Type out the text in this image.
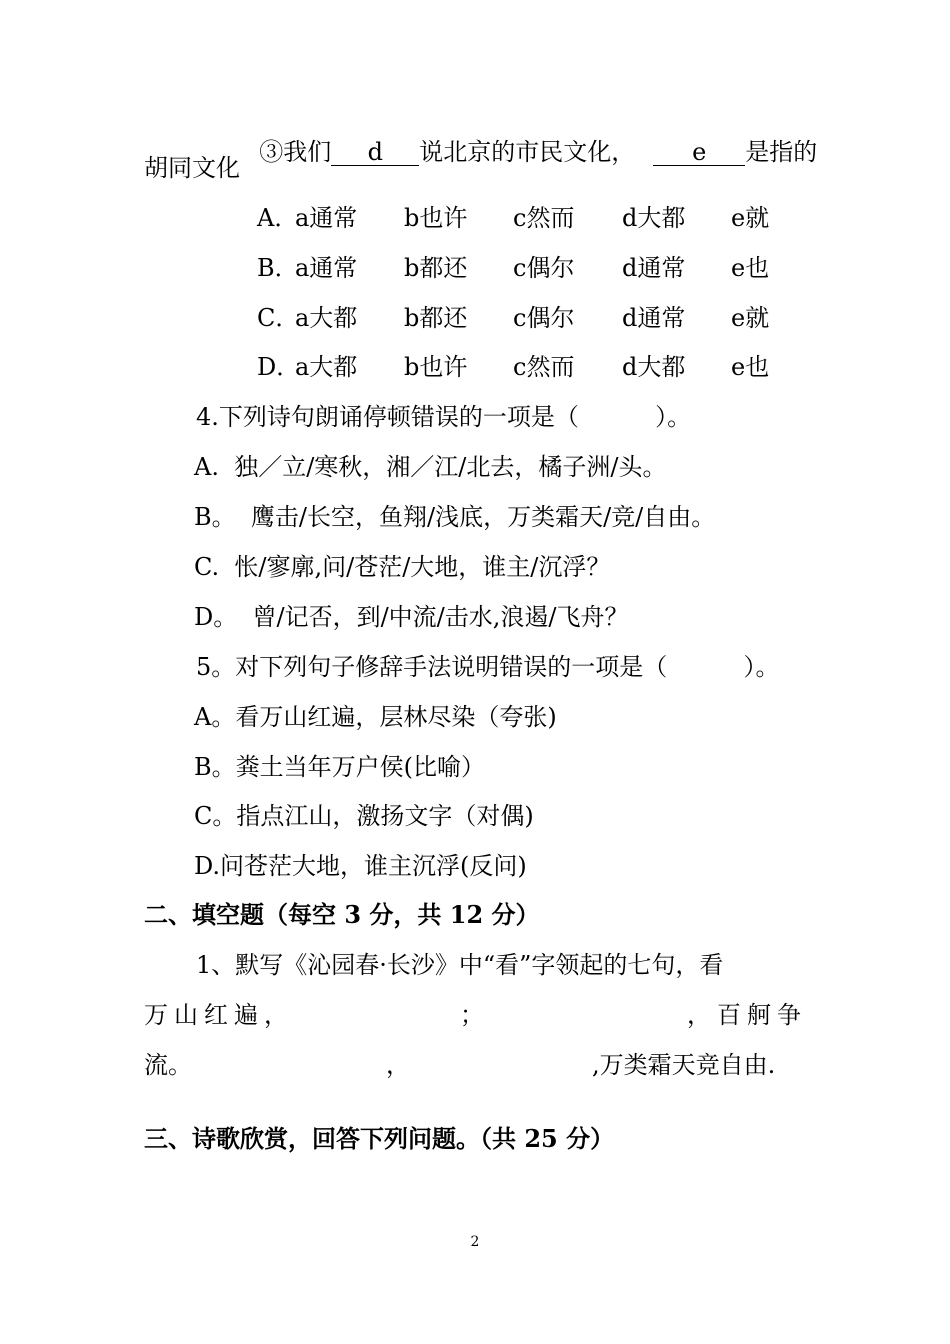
③我们 d 说北京的市民文化， e 是指的

胡同文化
A．
a通常 b也许 c然而 d大都 e就
B．
a通常 b都还 c偶尔 d通常 e也
C．
a大都 b都还 c偶尔 d通常 e就
D．
a大都 b也许 c然而 d大都 e也
4.下列诗句朗诵停顿错误的一项是（          ）。
A.  独／立/寒秋，湘／江/北去，橘子洲/头。
B。  鹰击/长空，鱼翔/浅底，万类霜天/竞/自由。
C.  怅/寥廓,问/苍茫/大地，谁主/沉浮？
D。  曾/记否，到/中流/击水,浪遏/飞舟？
5。对下列句子修辞手法说明错误的一项是（          ）。
A。看万山红遍，层林尽染（夸张)
B。粪土当年万户侯(比喻）
C。指点江山，激扬文字（对偶)
D.问苍茫大地，谁主沉浮(反问)
二、填空题（每空 3 分，共 12 分）
1、默写《沁园春·长沙》中“看”字领起的七句，看
万山红遍，	；	，百舸争
流。	，	,万类霜天竞自由.
三、诗歌欣赏，回答下列问题。（共 25 分）
2
